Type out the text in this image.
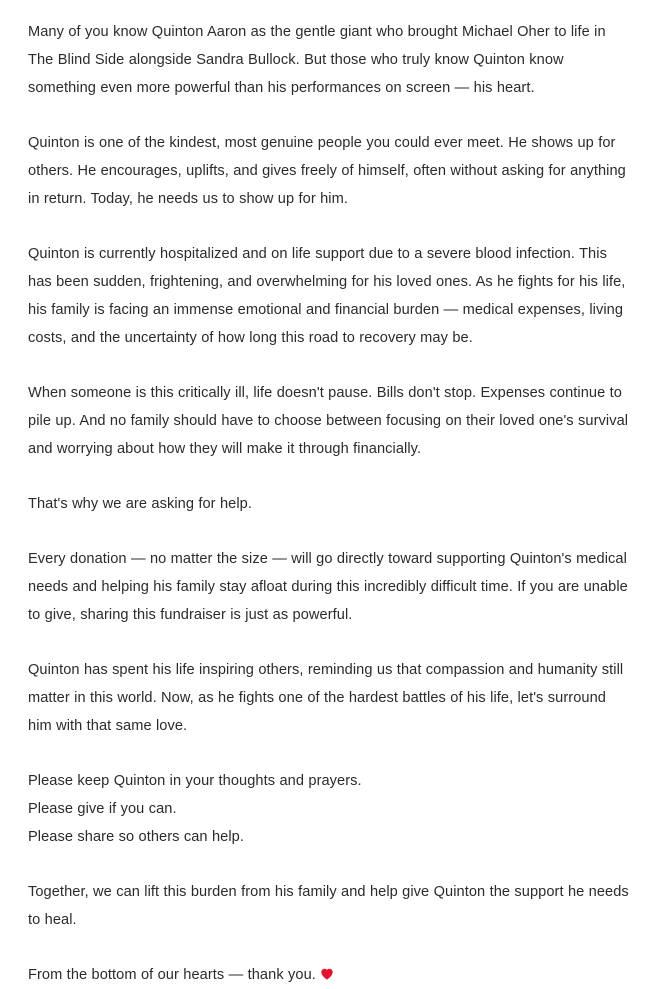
Many of you know Quinton Aaron as the gentle giant who brought Michael Oher to life in The Blind Side alongside Sandra Bullock. But those who truly know Quinton know something even more powerful than his performances on screen — his heart.

Quinton is one of the kindest, most genuine people you could ever meet. He shows up for others. He encourages, uplifts, and gives freely of himself, often without asking for anything in return. Today, he needs us to show up for him.

Quinton is currently hospitalized and on life support due to a severe blood infection. This has been sudden, frightening, and overwhelming for his loved ones. As he fights for his life, his family is facing an immense emotional and financial burden — medical expenses, living costs, and the uncertainty of how long this road to recovery may be.

When someone is this critically ill, life doesn't pause. Bills don't stop. Expenses continue to pile up. And no family should have to choose between focusing on their loved one's survival and worrying about how they will make it through financially.

That's why we are asking for help.

Every donation — no matter the size — will go directly toward supporting Quinton's medical needs and helping his family stay afloat during this incredibly difficult time. If you are unable to give, sharing this fundraiser is just as powerful.

Quinton has spent his life inspiring others, reminding us that compassion and humanity still matter in this world. Now, as he fights one of the hardest battles of his life, let's surround him with that same love.

Please keep Quinton in your thoughts and prayers.
Please give if you can.
Please share so others can help.

Together, we can lift this burden from his family and help give Quinton the support he needs to heal.

From the bottom of our hearts — thank you.
